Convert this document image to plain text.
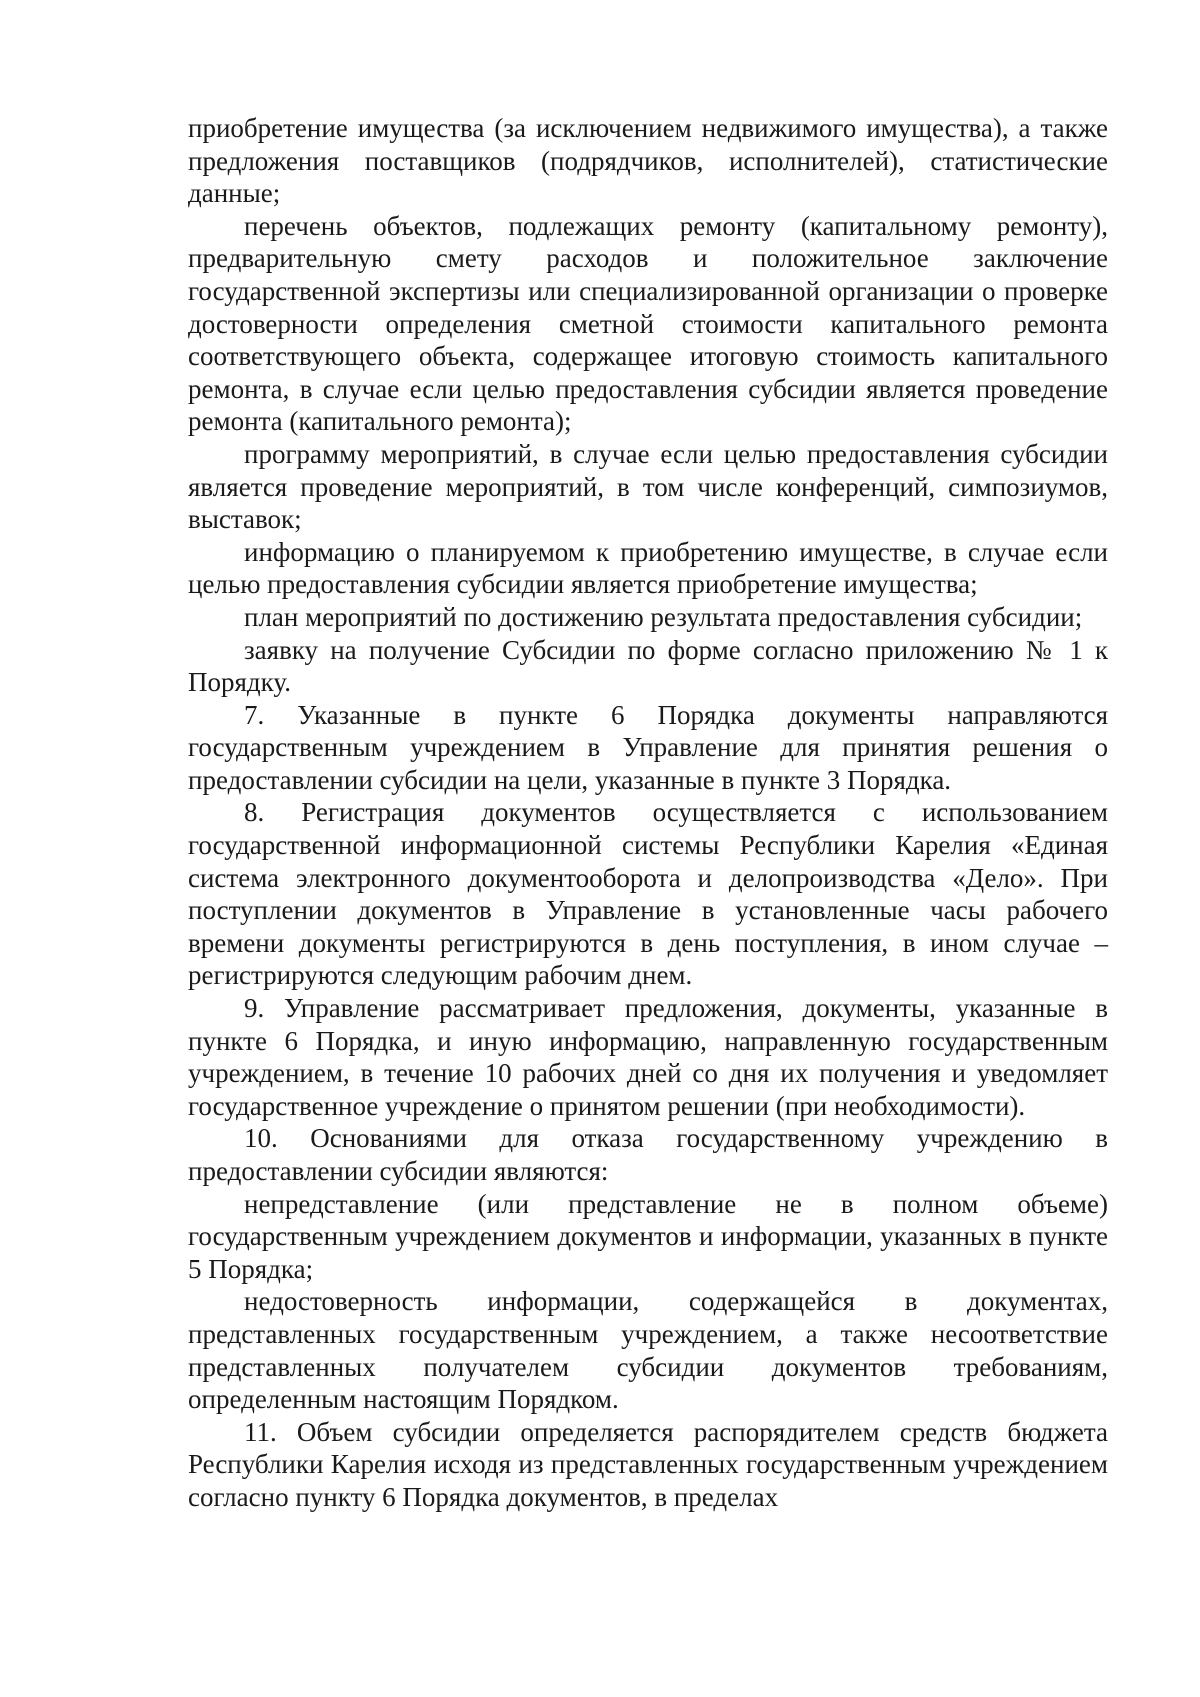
приобретение имущества (за исключением недвижимого имущества), а также предложения поставщиков (подрядчиков, исполнителей), статистические данные;

перечень объектов, подлежащих ремонту (капитальному ремонту), предварительную смету расходов и положительное заключение государственной экспертизы или специализированной организации о проверке достоверности определения сметной стоимости капитального ремонта соответствующего объекта, содержащее итоговую стоимость капитального ремонта, в случае если целью предоставления субсидии является проведение ремонта (капитального ремонта);

программу мероприятий, в случае если целью предоставления субсидии является проведение мероприятий, в том числе конференций, симпозиумов, выставок;

информацию о планируемом к приобретению имуществе, в случае если целью предоставления субсидии является приобретение имущества;

план мероприятий по достижению результата предоставления субсидии;

заявку на получение Субсидии по форме согласно приложению № 1 к Порядку.

7. Указанные в пункте 6 Порядка документы направляются государственным учреждением в Управление для принятия решения о предоставлении субсидии на цели, указанные в пункте 3 Порядка.

8. Регистрация документов осуществляется с использованием государственной информационной системы Республики Карелия «Единая система электронного документооборота и делопроизводства «Дело». При поступлении документов в Управление в установленные часы рабочего времени документы регистрируются в день поступления, в ином случае – регистрируются следующим рабочим днем.

9. Управление рассматривает предложения, документы, указанные в пункте 6 Порядка, и иную информацию, направленную государственным учреждением, в течение 10 рабочих дней со дня их получения и уведомляет государственное учреждение о принятом решении (при необходимости).

10. Основаниями для отказа государственному учреждению в предоставлении субсидии являются:

непредставление (или представление не в полном объеме) государственным учреждением документов и информации, указанных в пункте 5 Порядка;

недостоверность информации, содержащейся в документах, представленных государственным учреждением, а также несоответствие представленных получателем субсидии документов требованиям, определенным настоящим Порядком.

11. Объем субсидии определяется распорядителем средств бюджета Республики Карелия исходя из представленных государственным учреждением согласно пункту 6 Порядка документов, в пределах
